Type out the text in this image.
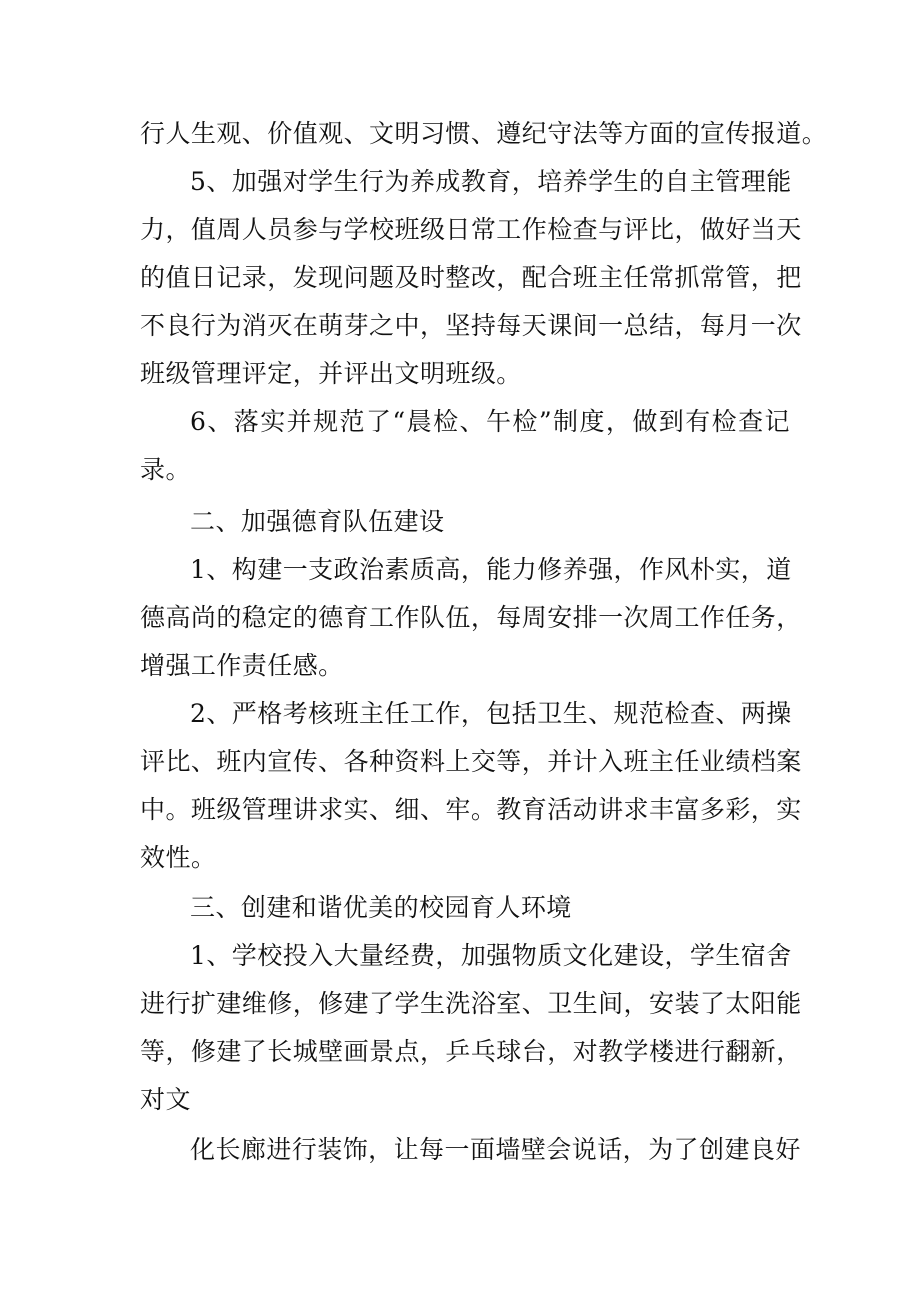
行人生观、价值观、文明习惯、遵纪守法等方面的宣传报道。
5、加强对学生行为养成教育，培养学生的自主管理能
力，值周人员参与学校班级日常工作检查与评比，做好当天
的值日记录，发现问题及时整改，配合班主任常抓常管，把
不良行为消灭在萌芽之中，坚持每天课间一总结，每月一次
班级管理评定，并评出文明班级。
6、落实并规范了“晨检、午检”制度，做到有检查记
录。
二、加强德育队伍建设
1、构建一支政治素质高，能力修养强，作风朴实，道
德高尚的稳定的德育工作队伍，每周安排一次周工作任务，
增强工作责任感。
2、严格考核班主任工作，包括卫生、规范检查、两操
评比、班内宣传、各种资料上交等，并计入班主任业绩档案
中。班级管理讲求实、细、牢。教育活动讲求丰富多彩，实
效性。
三、创建和谐优美的校园育人环境
1、学校投入大量经费，加强物质文化建设，学生宿舍
进行扩建维修，修建了学生洗浴室、卫生间，安装了太阳能
等，修建了长城壁画景点，乒乓球台，对教学楼进行翻新，
对文
化长廊进行装饰，让每一面墙壁会说话，为了创建良好
